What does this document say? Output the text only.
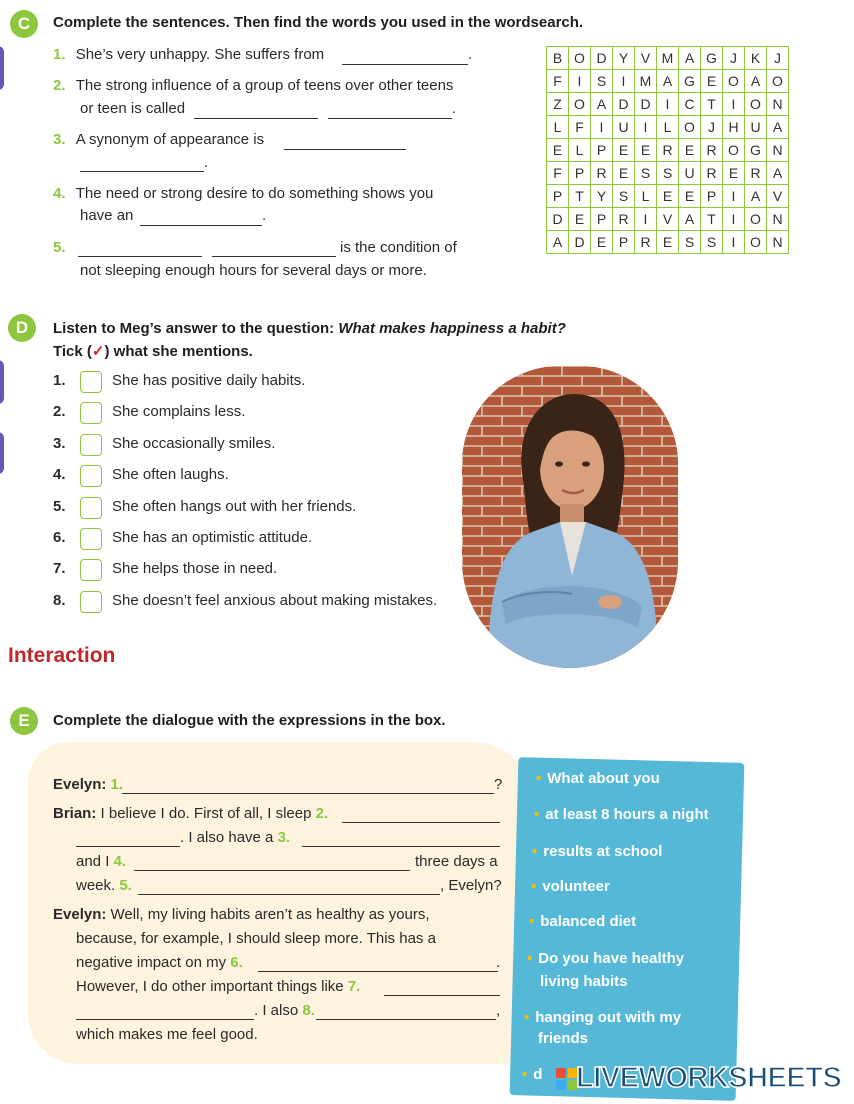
C	Complete the sentences. Then find the words you used in the wordsearch.
1. She’s very unhappy. She suffers from	.
2. The strong influence of a group of teens over other teens
or teen is called	.
3. A synonym of appearance is
.
4. The need or strong desire to do something shows you
have an	.
5.	is the condition of
not sleeping enough hours for several days or more.
B	O	D	Y	V	M	A	G	J	K	J
F	I	S	I	M	A	G	E	O	A	O
Z	O	A	D	D	I	C	T	I	O	N
L	F	I	U	I	L	O	J	H	U	A
E	L	P	E	E	R	E	R	O	G	N
F	P	R	E	S	S	U	R	E	R	A
P	T	Y	S	L	E	E	P	I	A	V
D	E	P	R	I	V	A	T	I	O	N
A	D	E	P	R	E	S	S	I	O	N
D	Listen to Meg’s answer to the question: What makes happiness a habit?
Tick (✓) what she mentions.
1.	She has positive daily habits.
2.	She complains less.
3.	She occasionally smiles.
4.	She often laughs.
5.	She often hangs out with her friends.
6.	She has an optimistic attitude.
7.	She helps those in need.
8.	She doesn’t feel anxious about making mistakes.
Interaction
E	Complete the dialogue with the expressions in the box.
Evelyn: 1.	?
Brian: I believe I do. First of all, I sleep 2.
. I also have a 3.
and I 4.	three days a
week. 5.	, Evelyn?
Evelyn: Well, my living habits aren’t as healthy as yours,
because, for example, I should sleep more. This has a
negative impact on my 6.	.
However, I do other important things like 7.
. I also 8.	,
which makes me feel good.
• What about you
• at least 8 hours a night
• results at school
• volunteer
• balanced diet
• Do you have healthy
living habits
• hanging out with my
friends
• d LIVEWORKSHEETS
